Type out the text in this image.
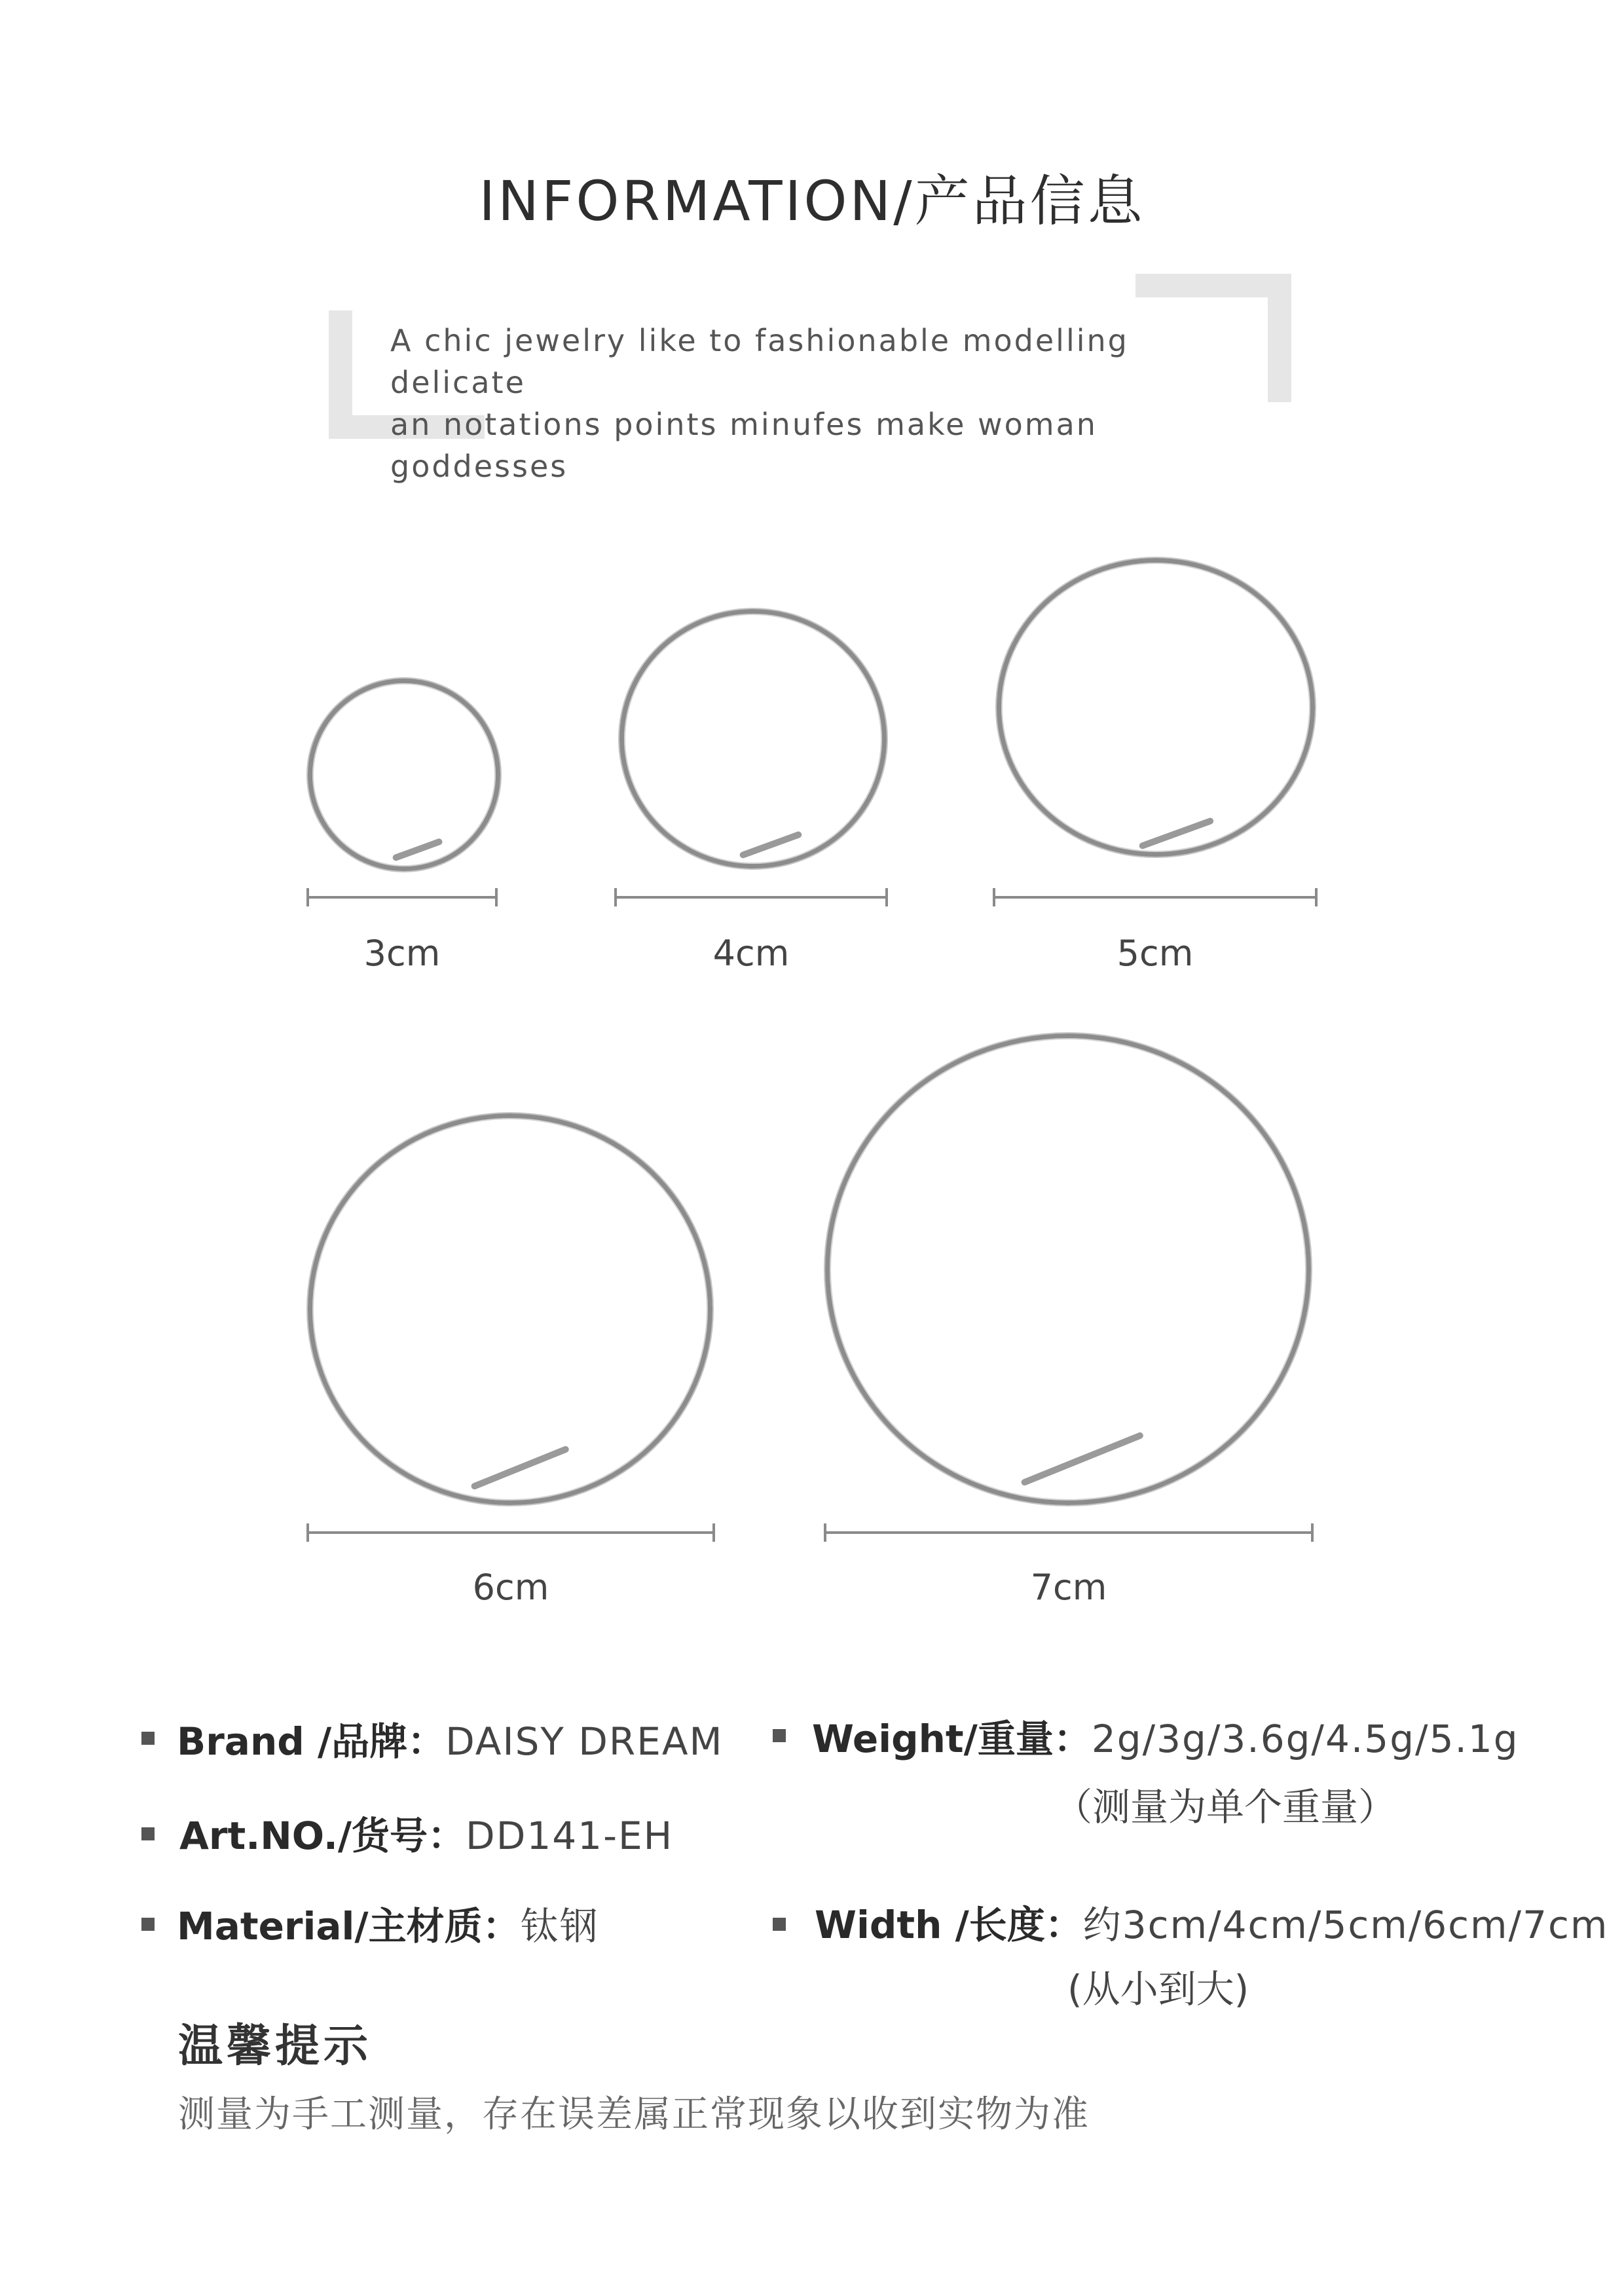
INFORMATION/产品信息
A chic jewelry like to fashionable modelling delicate
an notations points minufes make woman goddesses
3cm	4cm	5cm
6cm	7cm
Brand /品牌：DAISY DREAM
Art.NO./货号：DD141-EH
Material/主材质：钛钢
Weight/重量：2g/3g/3.6g/4.5g/5.1g
（测量为单个重量）
Width /长度：约3cm/4cm/5cm/6cm/7cm
(从小到大)
温馨提示
测量为手工测量，存在误差属正常现象以收到实物为准
